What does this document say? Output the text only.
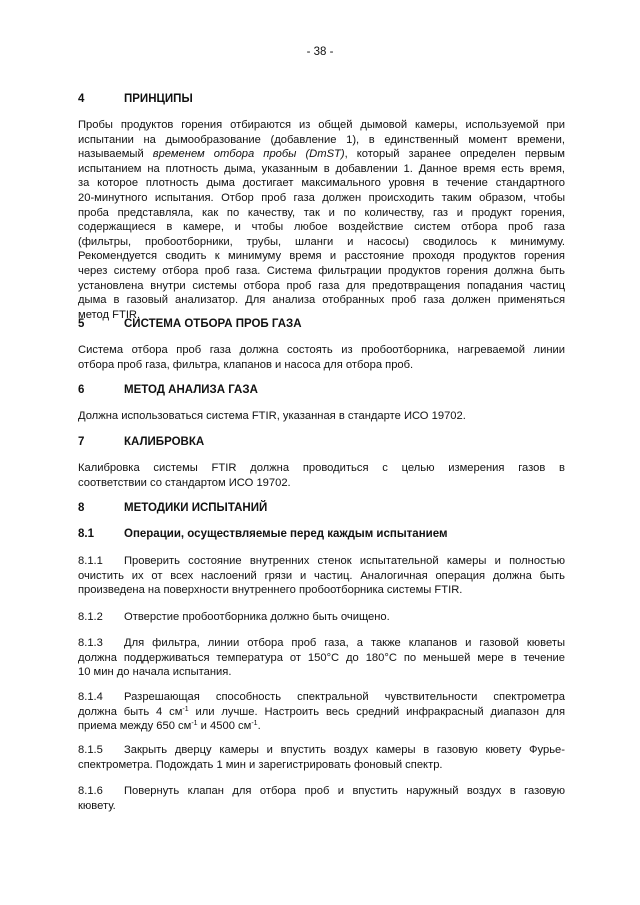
- 38 -
4	ПРИНЦИПЫ
Пробы продуктов горения отбираются из общей дымовой камеры, используемой при
испытании на дымообразование (добавление 1), в единственный момент времени,
называемый временем отбора пробы (DmST), который заранее определен первым
испытанием на плотность дыма, указанным в добавлении 1. Данное время есть время,
за которое плотность дыма достигает максимального уровня в течение стандартного
20-минутного испытания. Отбор проб газа должен происходить таким образом, чтобы
проба представляла, как по качеству, так и по количеству, газ и продукт горения,
содержащиеся в камере, и чтобы любое воздействие систем отбора проб газа
(фильтры, пробоотборники, трубы, шланги и насосы) сводилось к минимуму.
Рекомендуется сводить к минимуму время и расстояние проходя продуктов горения
через систему отбора проб газа. Система фильтрации продуктов горения должна быть
установлена внутри системы отбора проб газа для предотвращения попадания частиц
дыма в газовый анализатор. Для анализа отобранных проб газа должен применяться
метод FTIR.
5	СИСТЕМА ОТБОРА ПРОБ ГАЗА
Система отбора проб газа должна состоять из пробоотборника, нагреваемой линии
отбора проб газа, фильтра, клапанов и насоса для отбора проб.
6	МЕТОД АНАЛИЗА ГАЗА
Должна использоваться система FTIR, указанная в стандарте ИСО 19702.
7	КАЛИБРОВКА
Калибровка системы FTIR должна проводиться с целью измерения газов в
соответствии со стандартом ИСО 19702.
8	МЕТОДИКИ ИСПЫТАНИЙ
8.1	Операции, осуществляемые перед каждым испытанием
8.1.1 Проверить состояние внутренних стенок испытательной камеры и полностью
очистить их от всех наслоений грязи и частиц. Аналогичная операция должна быть
произведена на поверхности внутреннего пробоотборника системы FTIR.
8.1.2 Отверстие пробоотборника должно быть очищено.
8.1.3 Для фильтра, линии отбора проб газа, а также клапанов и газовой кюветы
должна поддерживаться температура от 150°C до 180°C по меньшей мере в течение
10 мин до начала испытания.
8.1.4 Разрешающая способность спектральной чувствительности спектрометра
должна быть 4 $см^{-1}$ или лучше. Настроить весь средний инфракрасный диапазон для
приема между 650 $см^{-1}$ и 4500 $см^{-1}$.
8.1.5 Закрыть дверцу камеры и впустить воздух камеры в газовую кювету Фурье-
спектрометра. Подождать 1 мин и зарегистрировать фоновый спектр.
8.1.6 Повернуть клапан для отбора проб и впустить наружный воздух в газовую
кювету.
